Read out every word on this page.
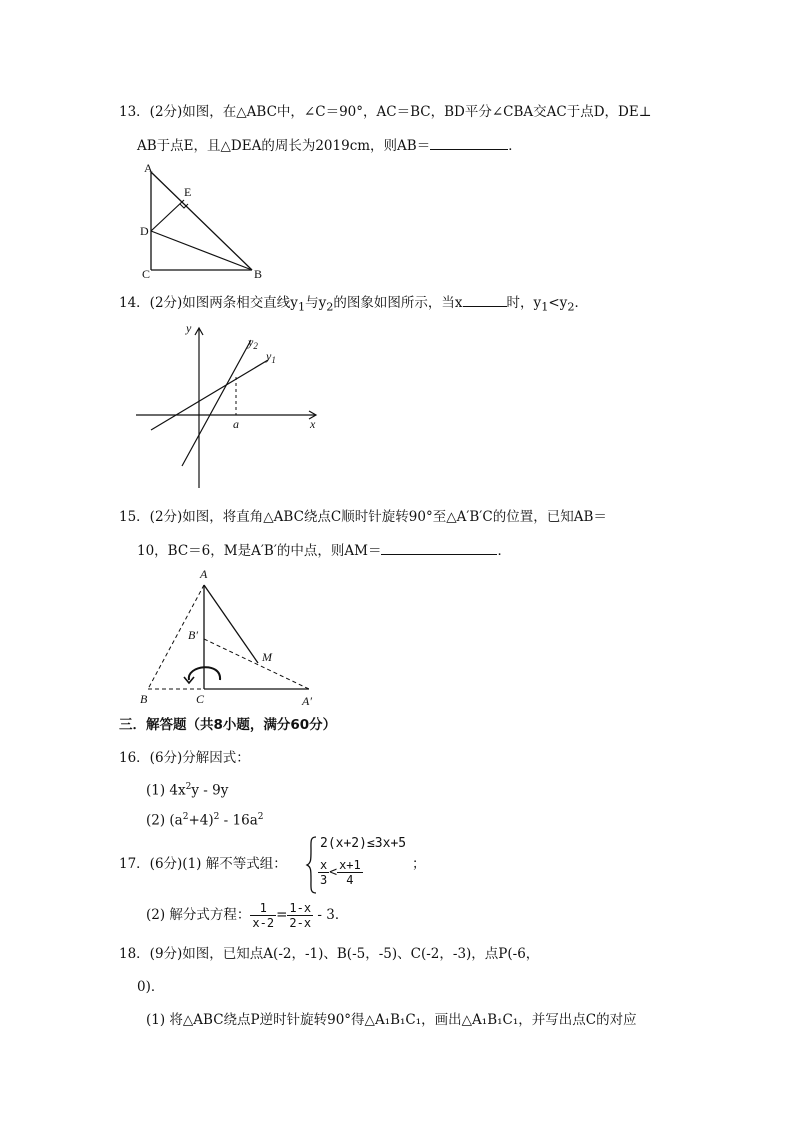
13．(2分)如图，在△ABC中，∠C＝90°，AC＝BC，BD平分∠CBA交AC于点D，DE⊥
AB于点E，且△DEA的周长为2019cm，则AB＝	．
A
E
D
C	B
14．(2分)如图两条相交直线$y_1$与$y_2$的图象如图所示，当x	时，$y_1<y_2$．
y
x
a
$y_2$
$y_1$
15．(2分)如图，将直角△ABC绕点C顺时针旋转90°至△A′B′C的位置，已知AB＝
10，BC＝6，M是A′B′的中点，则AM＝	．
A
B′
M
B	C	A′
三．解答题（共8小题，满分60分）
16．(6分)分解因式：
(1) $4x^2y - 9y$
(2) $(a^2+4)^2 - 16a^2$
17．(6分)(1) 解不等式组：
2(x+2)≤3x+5
$\frac{x}{3} < \frac{x+1}{4}$	；
(2) 解分式方程： $\frac{1}{x-2} = \frac{1-x}{2-x} - 3$．
18．(9分)如图，已知点A(-2，-1)、B(-5，-5)、C(-2，-3)，点P(-6，
0)．
(1) 将△ABC绕点P逆时针旋转90°得△A₁B₁C₁，画出△A₁B₁C₁，并写出点C的对应
